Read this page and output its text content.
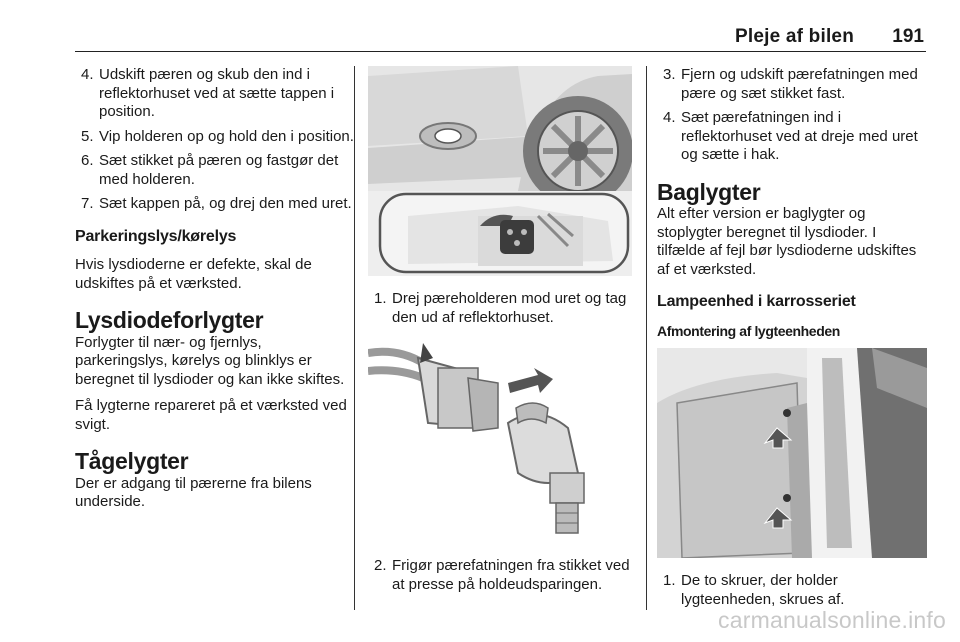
Pleje af bilen 191
4. Udskift pæren og skub den ind i reflektorhuset ved at sætte tappen i position.
5. Vip holderen op og hold den i position.
6. Sæt stikket på pæren og fastgør det med holderen.
7. Sæt kappen på, og drej den med uret.
Parkeringslys/kørelys

Hvis lysdioderne er defekte, skal de udskiftes på et værksted.

Lysdiodeforlygter

Forlygter til nær- og fjernlys, parkeringslys, kørelys og blinklys er beregnet til lysdioder og kan ikke skiftes.

Få lygterne repareret på et værksted ved svigt.

Tågelygter

Der er adgang til pærerne fra bilens underside.

1. Drej pæreholderen mod uret og tag den ud af reflektorhuset.
2. Frigør pærefatningen fra stikket ved at presse på holdeudsparingen.
3. Fjern og udskift pærefatningen med pære og sæt stikket fast.
4. Sæt pærefatningen ind i reflektorhuset ved at dreje med uret og sætte i hak.
Baglygter

Alt efter version er baglygter og stoplygter beregnet til lysdioder. I tilfælde af fejl bør lysdioderne udskiftes af et værksted.

Lampeenhed i karrosseriet
Afmontering af lygteenheden
1. De to skruer, der holder lygteenheden, skrues af.
carmanualsonline.info
